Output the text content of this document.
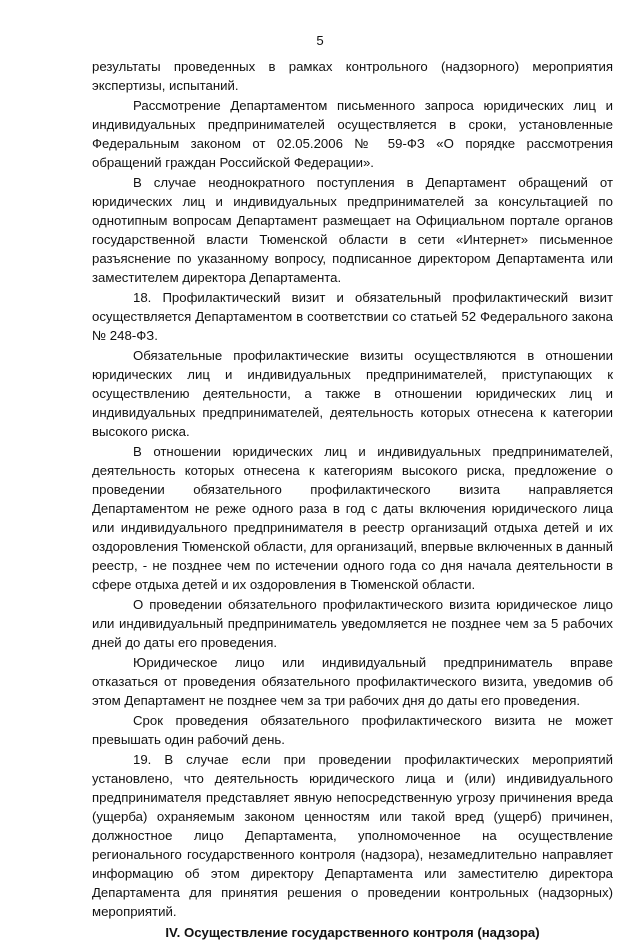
5

результаты проведенных в рамках контрольного (надзорного) мероприятия экспертизы, испытаний.

Рассмотрение Департаментом письменного запроса юридических лиц и индивидуальных предпринимателей осуществляется в сроки, установленные Федеральным законом от 02.05.2006 № 59-ФЗ «О порядке рассмотрения обращений граждан Российской Федерации».

В случае неоднократного поступления в Департамент обращений от юридических лиц и индивидуальных предпринимателей за консультацией по однотипным вопросам Департамент размещает на Официальном портале органов государственной власти Тюменской области в сети «Интернет» письменное разъяснение по указанному вопросу, подписанное директором Департамента или заместителем директора Департамента.

18. Профилактический визит и обязательный профилактический визит осуществляется Департаментом в соответствии со статьей 52 Федерального закона № 248-ФЗ.

Обязательные профилактические визиты осуществляются в отношении юридических лиц и индивидуальных предпринимателей, приступающих к осуществлению деятельности, а также в отношении юридических лиц и индивидуальных предпринимателей, деятельность которых отнесена к категории высокого риска.

В отношении юридических лиц и индивидуальных предпринимателей, деятельность которых отнесена к категориям высокого риска, предложение о проведении обязательного профилактического визита направляется Департаментом не реже одного раза в год с даты включения юридического лица или индивидуального предпринимателя в реестр организаций отдыха детей и их оздоровления Тюменской области, для организаций, впервые включенных в данный реестр, - не позднее чем по истечении одного года со дня начала деятельности в сфере отдыха детей и их оздоровления в Тюменской области.

О проведении обязательного профилактического визита юридическое лицо или индивидуальный предприниматель уведомляется не позднее чем за 5 рабочих дней до даты его проведения.

Юридическое лицо или индивидуальный предприниматель вправе отказаться от проведения обязательного профилактического визита, уведомив об этом Департамент не позднее чем за три рабочих дня до даты его проведения.

Срок проведения обязательного профилактического визита не может превышать один рабочий день.

19. В случае если при проведении профилактических мероприятий установлено, что деятельность юридического лица и (или) индивидуального предпринимателя представляет явную непосредственную угрозу причинения вреда (ущерба) охраняемым законом ценностям или такой вред (ущерб) причинен, должностное лицо Департамента, уполномоченное на осуществление регионального государственного контроля (надзора), незамедлительно направляет информацию об этом директору Департамента или заместителю директора Департамента для принятия решения о проведении контрольных (надзорных) мероприятий.

IV. Осуществление государственного контроля (надзора)
